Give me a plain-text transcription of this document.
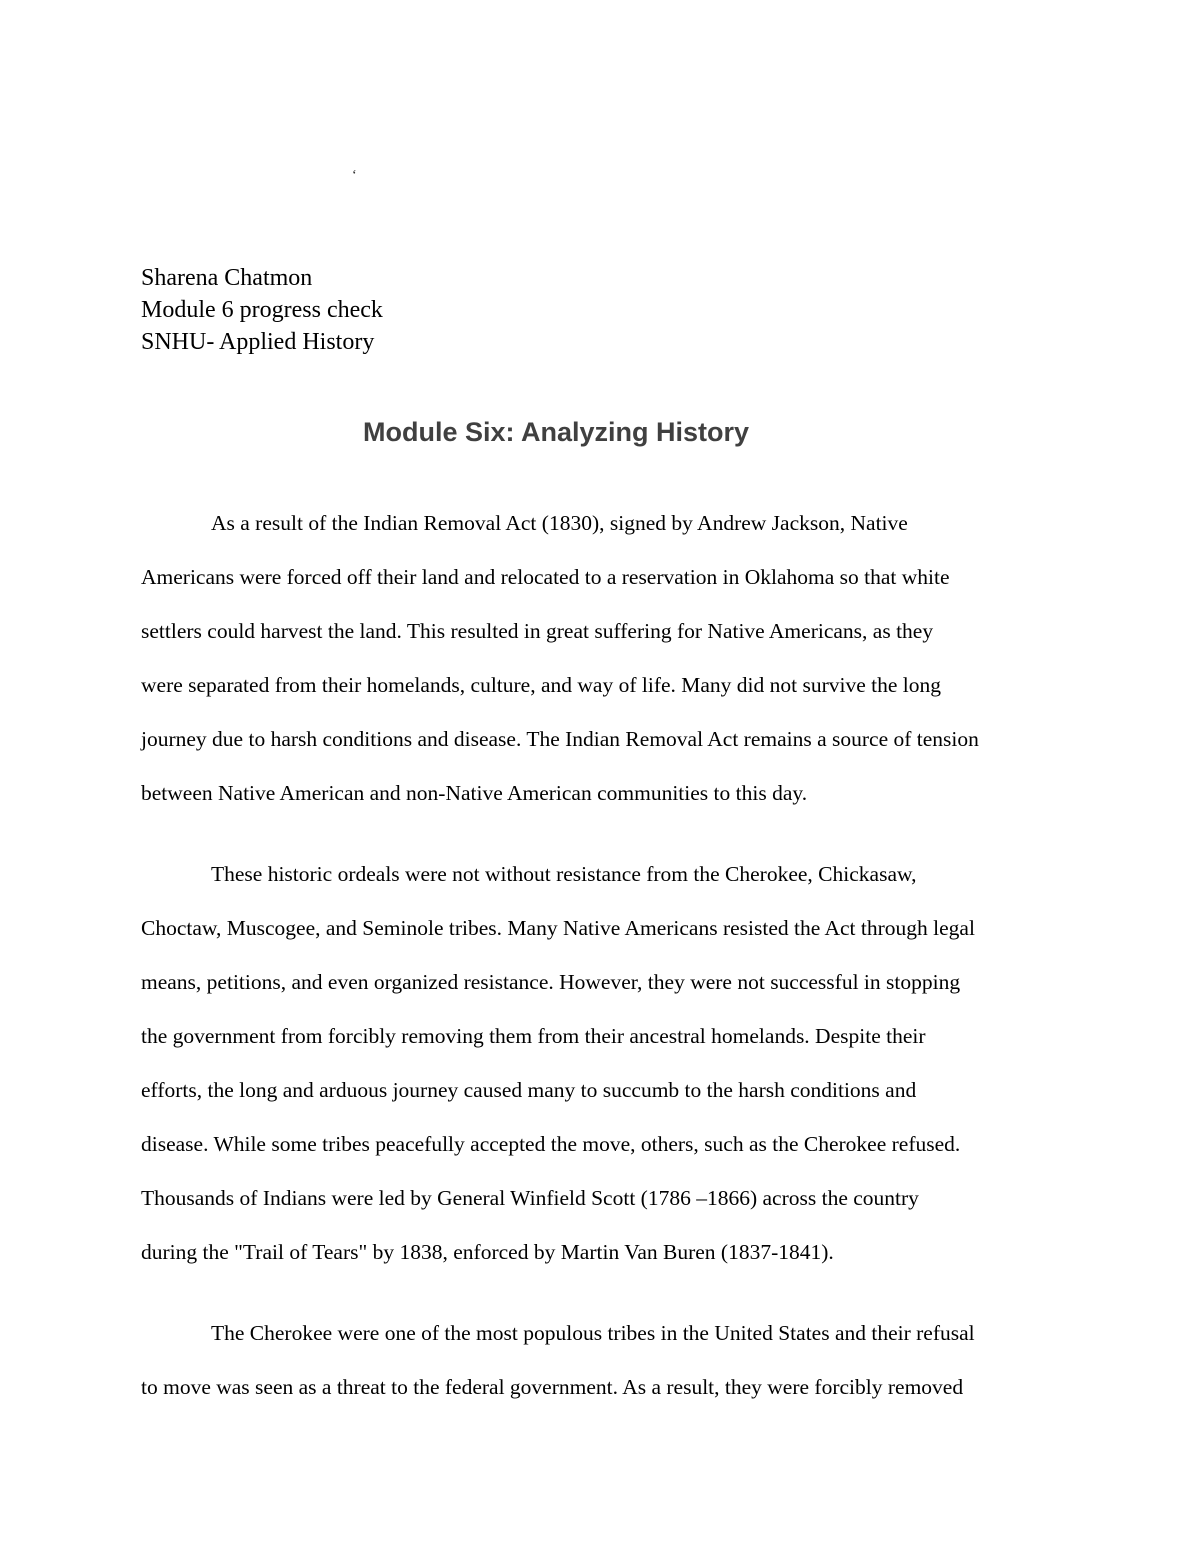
‘
Sharena Chatmon
Module 6 progress check
SNHU- Applied History
Module Six: Analyzing History

As a result of the Indian Removal Act (1830), signed by Andrew Jackson, Native
Americans were forced off their land and relocated to a reservation in Oklahoma so that white
settlers could harvest the land. This resulted in great suffering for Native Americans, as they
were separated from their homelands, culture, and way of life. Many did not survive the long
journey due to harsh conditions and disease. The Indian Removal Act remains a source of tension
between Native American and non-Native American communities to this day.

These historic ordeals were not without resistance from the Cherokee, Chickasaw,
Choctaw, Muscogee, and Seminole tribes. Many Native Americans resisted the Act through legal
means, petitions, and even organized resistance. However, they were not successful in stopping
the government from forcibly removing them from their ancestral homelands. Despite their
efforts, the long and arduous journey caused many to succumb to the harsh conditions and
disease. While some tribes peacefully accepted the move, others, such as the Cherokee refused.
Thousands of Indians were led by General Winfield Scott (1786 –1866) across the country
during the "Trail of Tears" by 1838, enforced by Martin Van Buren (1837-1841).

The Cherokee were one of the most populous tribes in the United States and their refusal
to move was seen as a threat to the federal government. As a result, they were forcibly removed
